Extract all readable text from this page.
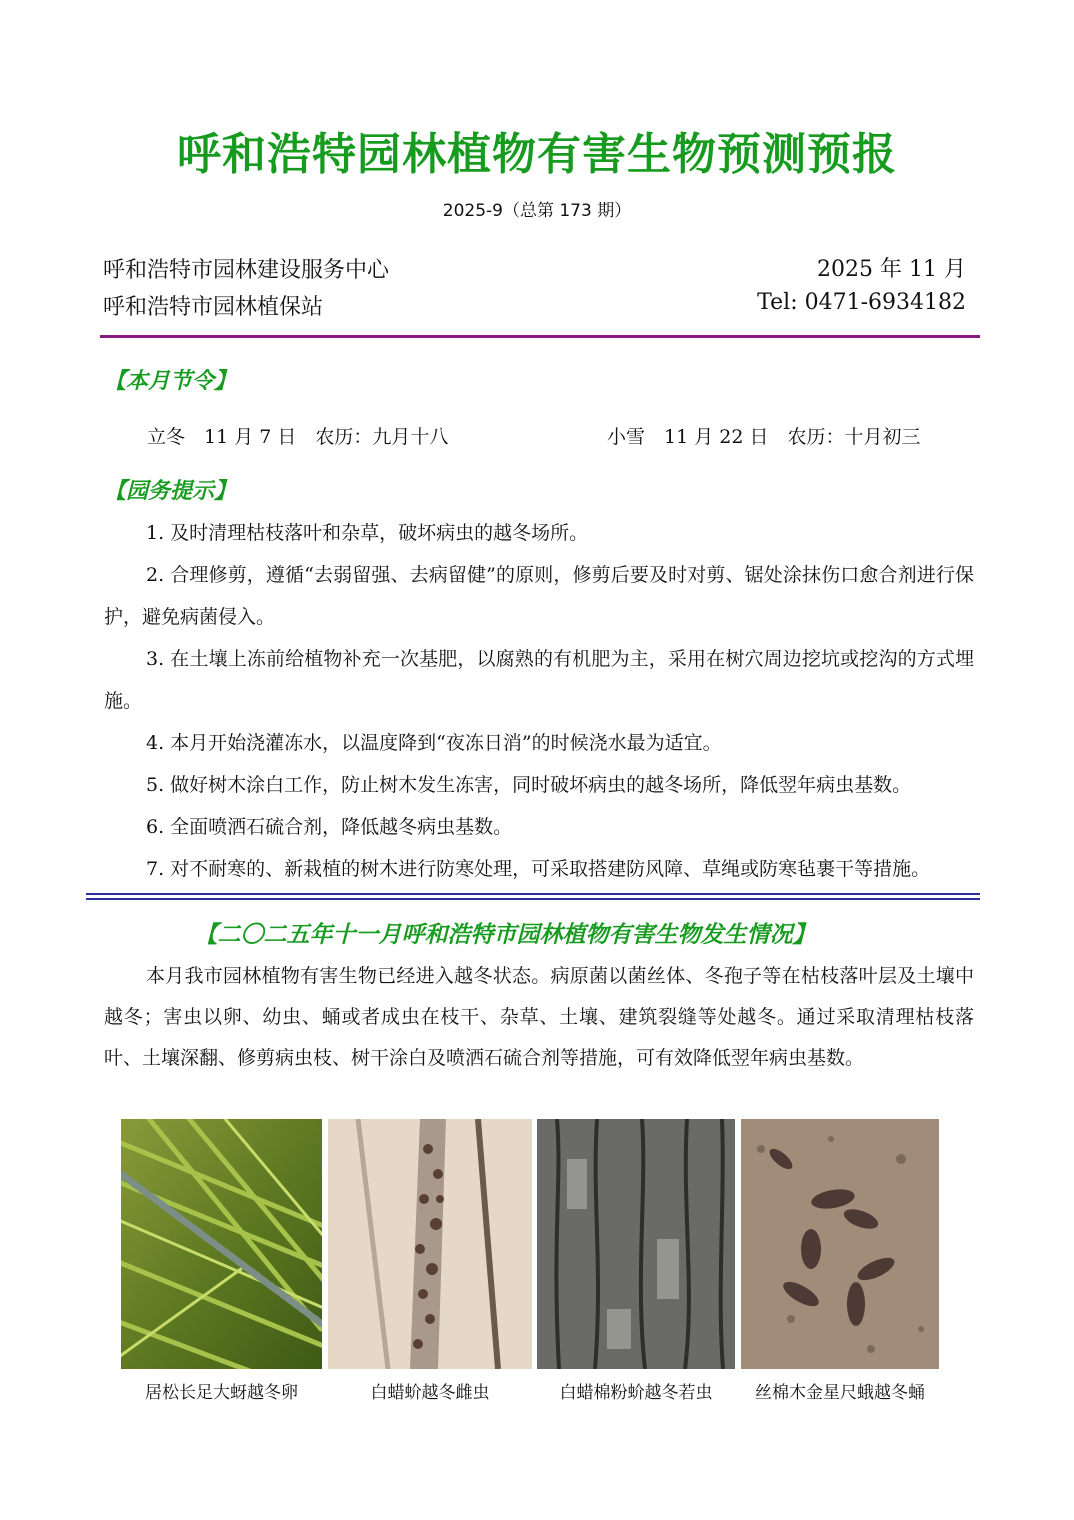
呼和浩特园林植物有害生物预测预报
2025-9（总第 173 期）
呼和浩特市园林建设服务中心
呼和浩特市园林植保站
2025 年 11 月
Tel: 0471-6934182
【本月节令】
立冬　11 月 7 日　农历：九月十八	小雪　11 月 22 日　农历：十月初三
【园务提示】
1. 及时清理枯枝落叶和杂草，破坏病虫的越冬场所。
2. 合理修剪，遵循“去弱留强、去病留健”的原则，修剪后要及时对剪、锯处涂抹伤口愈合剂进行保护，避免病菌侵入。
3. 在土壤上冻前给植物补充一次基肥，以腐熟的有机肥为主，采用在树穴周边挖坑或挖沟的方式埋施。
4. 本月开始浇灌冻水，以温度降到“夜冻日消”的时候浇水最为适宜。
5. 做好树木涂白工作，防止树木发生冻害，同时破坏病虫的越冬场所，降低翌年病虫基数。
6. 全面喷洒石硫合剂，降低越冬病虫基数。
7. 对不耐寒的、新栽植的树木进行防寒处理，可采取搭建防风障、草绳或防寒毡裹干等措施。
【二〇二五年十一月呼和浩特市园林植物有害生物发生情况】

本月我市园林植物有害生物已经进入越冬状态。病原菌以菌丝体、冬孢子等在枯枝落叶层及土壤中越冬；害虫以卵、幼虫、蛹或者成虫在枝干、杂草、土壤、建筑裂缝等处越冬。通过采取清理枯枝落叶、土壤深翻、修剪病虫枝、树干涂白及喷洒石硫合剂等措施，可有效降低翌年病虫基数。

居松长足大蚜越冬卵	白蜡蚧越冬雌虫	白蜡棉粉蚧越冬若虫	丝棉木金星尺蛾越冬蛹
